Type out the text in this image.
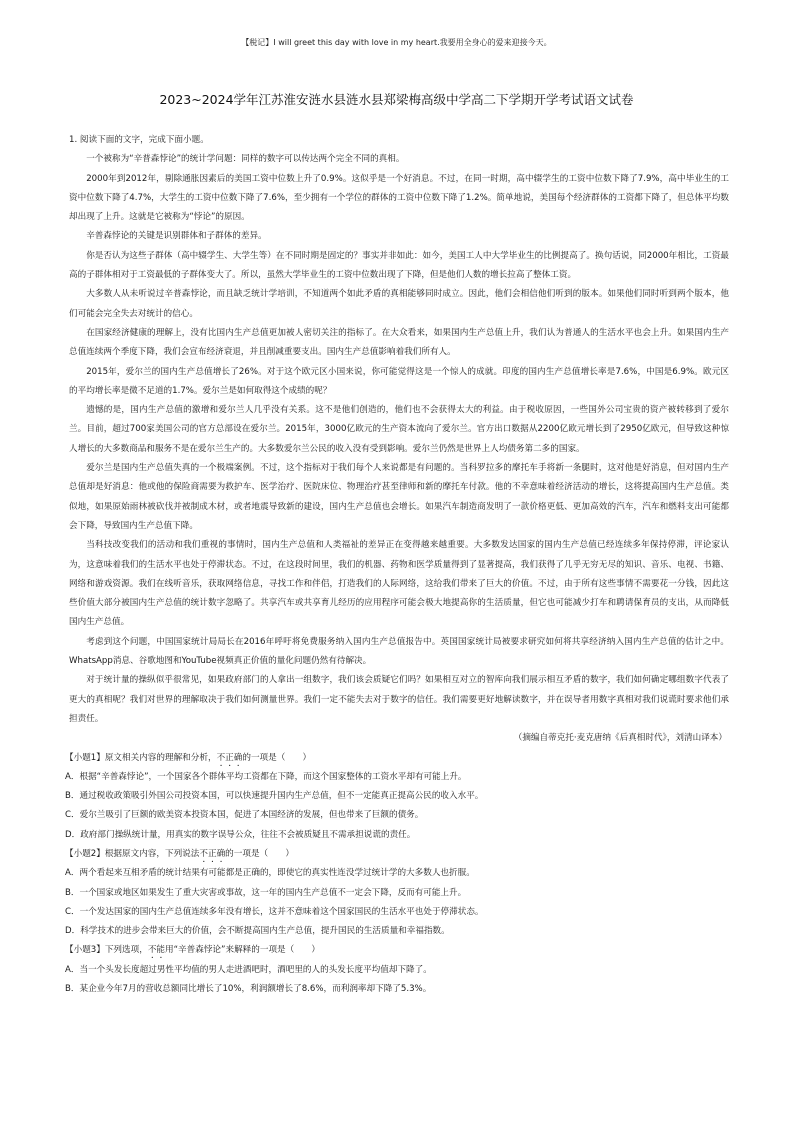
【税记】I will greet this day with love in my heart.我要用全身心的爱来迎接今天。
2023~2024学年江苏淮安涟水县涟水县郑梁梅高级中学高二下学期开学考试语文试卷

1. 阅读下面的文字，完成下面小题。

一个被称为“辛普森悖论”的统计学问题：同样的数字可以传达两个完全不同的真相。

2000年到2012年，剔除通胀因素后的美国工资中位数上升了0.9%。这似乎是一个好消息。不过，在同一时期，高中辍学生的工资中位数下降了7.9%，高中毕业生的工资中位数下降了4.7%，大学生的工资中位数下降了7.6%，至少拥有一个学位的群体的工资中位数下降了1.2%。简单地说，美国每个经济群体的工资都下降了，但总体平均数却出现了上升。这就是它被称为“悖论”的原因。

辛普森悖论的关键是识别群体和子群体的差异。

你是否认为这些子群体（高中辍学生、大学生等）在不同时期是固定的？事实并非如此：如今，美国工人中大学毕业生的比例提高了。换句话说，同2000年相比，工资最高的子群体相对于工资最低的子群体变大了。所以，虽然大学毕业生的工资中位数出现了下降，但是他们人数的增长拉高了整体工资。

大多数人从未听说过辛普森悖论，而且缺乏统计学培训，不知道两个如此矛盾的真相能够同时成立。因此，他们会相信他们听到的版本。如果他们同时听到两个版本，他们可能会完全失去对统计的信心。

在国家经济健康的理解上，没有比国内生产总值更加被人密切关注的指标了。在大众看来，如果国内生产总值上升，我们认为普通人的生活水平也会上升。如果国内生产总值连续两个季度下降，我们会宣布经济衰退，并且削减重要支出。国内生产总值影响着我们所有人。

2015年，爱尔兰的国内生产总值增长了26%。对于这个欧元区小国来说，你可能觉得这是一个惊人的成就。印度的国内生产总值增长率是7.6%，中国是6.9%。欧元区的平均增长率是微不足道的1.7%。爱尔兰是如何取得这个成绩的呢？

遗憾的是，国内生产总值的激增和爱尔兰人几乎没有关系。这不是他们创造的，他们也不会获得太大的利益。由于税收原因，一些国外公司宝贵的资产被转移到了爱尔兰。目前，超过700家美国公司的官方总部设在爱尔兰。2015年，3000亿欧元的生产资本流向了爱尔兰。官方出口数据从2200亿欧元增长到了2950亿欧元，但导致这种惊人增长的大多数商品和服务不是在爱尔兰生产的。大多数爱尔兰公民的收入没有受到影响。爱尔兰仍然是世界上人均债务第二多的国家。

爱尔兰是国内生产总值失真的一个极端案例。不过，这个指标对于我们每个人来说都是有问题的。当科罗拉多的摩托车手将新一条腿时，这对他是好消息，但对国内生产总值却是好消息：他或他的保险商需要为救护车、医学治疗、医院床位、物理治疗甚至律师和新的摩托车付款。他的不幸意味着经济活动的增长，这将提高国内生产总值。类似地，如果原始雨林被砍伐并被制成木材，或者地震导致新的建设，国内生产总值也会增长。如果汽车制造商发明了一款价格更低、更加高效的汽车，汽车和燃料支出可能都会下降，导致国内生产总值下降。

当科技改变我们的活动和我们重视的事情时，国内生产总值和人类福祉的差异正在变得越来越重要。大多数发达国家的国内生产总值已经连续多年保持停滞，评论家认为，这意味着我们的生活水平也处于停滞状态。不过，在这段时间里，我们的机器、药物和医学质量得到了显著提高，我们获得了几乎无穷无尽的知识、音乐、电视、书籍、网络和游戏资源。我们在线听音乐，获取网络信息，寻找工作和伴侣，打造我们的人际网络，这给我们带来了巨大的价值。不过，由于所有这些事情不需要花一分钱，因此这些价值大部分被国内生产总值的统计数字忽略了。共享汽车或共享育儿经历的应用程序可能会极大地提高你的生活质量，但它也可能减少打车和聘请保育员的支出，从而降低国内生产总值。

考虑到这个问题，中国国家统计局局长在2016年呼吁将免费服务纳入国内生产总值报告中。英国国家统计局被要求研究如何将共享经济纳入国内生产总值的估计之中。WhatsApp消息、谷歌地图和YouTube视频真正价值的量化问题仍然有待解决。

对于统计量的操纵似乎很常见，如果政府部门的人拿出一组数字，我们该会质疑它们吗？如果相互对立的智库向我们展示相互矛盾的数字，我们如何确定哪组数字代表了更大的真相呢？我们对世界的理解取决于我们如何测量世界。我们一定不能失去对于数字的信任。我们需要更好地解读数字，并在误导者用数字真相对我们说谎时要求他们承担责任。

（摘编自蒂克托·麦克唐纳《后真相时代》，刘清山译本）

【小题1】原文相关内容的理解和分析，不正确的一项是（　　）

A．根据“辛普森悖论”，一个国家各个群体平均工资都在下降，而这个国家整体的工资水平却有可能上升。

B．通过税收政策吸引外国公司投资本国，可以快速提升国内生产总值，但不一定能真正提高公民的收入水平。

C．爱尔兰吸引了巨额的欧美资本投资本国，促进了本国经济的发展，但也带来了巨额的债务。

D．政府部门操纵统计量，用真实的数字误导公众，往往不会被质疑且不需承担说谎的责任。

【小题2】根据原文内容，下列说法不正确的一项是（　　）

A．两个看起来互相矛盾的统计结果有可能都是正确的，即使它的真实性连没学过统计学的大多数人也折服。

B．一个国家或地区如果发生了重大灾害或事故，这一年的国内生产总值不一定会下降，反而有可能上升。

C．一个发达国家的国内生产总值连续多年没有增长，这并不意味着这个国家国民的生活水平也处于停滞状态。

D．科学技术的进步会带来巨大的价值，会不断提高国内生产总值，提升国民的生活质量和幸福指数。

【小题3】下列选项，不能用“辛普森悖论”来解释的一项是（　　）

A．当一个头发长度超过男性平均值的男人走进酒吧时，酒吧里的人的头发长度平均值却下降了。

B．某企业今年7月的营收总额同比增长了10%，利润额增长了8.6%，而利润率却下降了5.3%。
